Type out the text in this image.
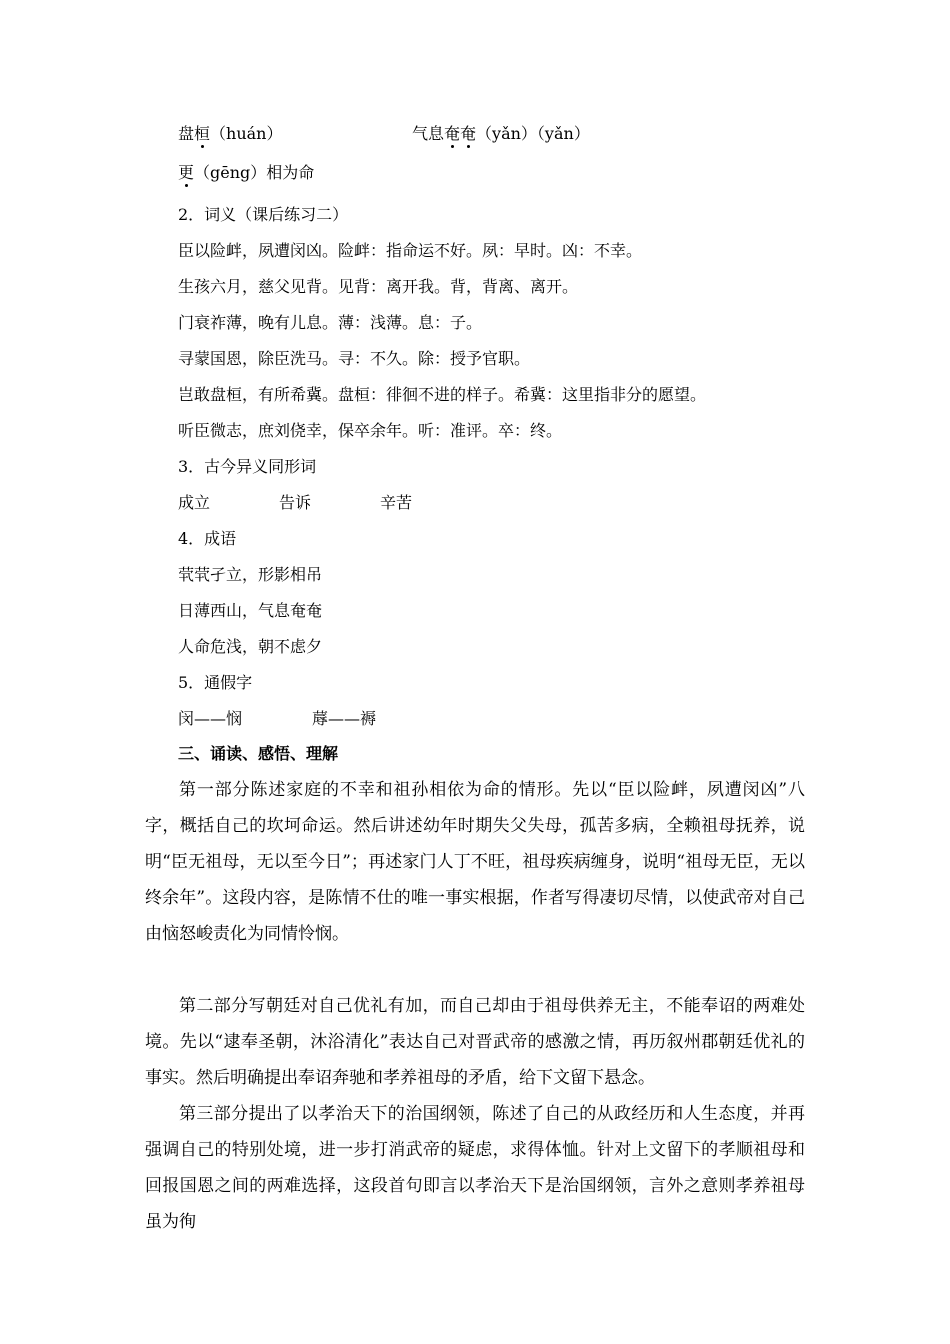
盘桓（huán）	气息奄奄（yǎn）（yǎn）
更（gēng）相为命
2．词义（课后练习二）
臣以险衅，夙遭闵凶。险衅：指命运不好。夙：早时。凶：不幸。
生孩六月，慈父见背。见背：离开我。背，背离、离开。
门衰祚薄，晚有儿息。薄：浅薄。息：子。
寻蒙国恩，除臣洗马。寻：不久。除：授予官职。
岂敢盘桓，有所希冀。盘桓：徘徊不进的样子。希冀：这里指非分的愿望。
听臣微志，庶刘侥幸，保卒余年。听：准评。卒：终。
3．古今异义同形词
成立	告诉	辛苦
4．成语
茕茕孑立，形影相吊
日薄西山，气息奄奄
人命危浅，朝不虑夕
5．通假字
闵——悯	蓐——褥
三、诵读、感悟、理解

第一部分陈述家庭的不幸和祖孙相依为命的情形。先以“臣以险衅，夙遭闵凶”八字，概括自己的坎坷命运。然后讲述幼年时期失父失母，孤苦多病，全赖祖母抚养，说明“臣无祖母，无以至今日”；再述家门人丁不旺，祖母疾病缠身，说明“祖母无臣，无以终余年”。这段内容，是陈情不仕的唯一事实根据，作者写得凄切尽情，以使武帝对自己由恼怒峻责化为同情怜悯。

第二部分写朝廷对自己优礼有加，而自己却由于祖母供养无主，不能奉诏的两难处境。先以“逮奉圣朝，沐浴清化”表达自己对晋武帝的感激之情，再历叙州郡朝廷优礼的事实。然后明确提出奉诏奔驰和孝养祖母的矛盾，给下文留下悬念。

第三部分提出了以孝治天下的治国纲领，陈述了自己的从政经历和人生态度，并再强调自己的特别处境，进一步打消武帝的疑虑，求得体恤。针对上文留下的孝顺祖母和回报国恩之间的两难选择，这段首句即言以孝治天下是治国纲领，言外之意则孝养祖母虽为徇
